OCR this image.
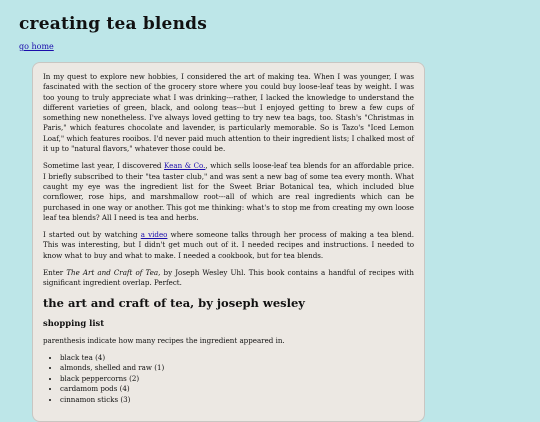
creating tea blends
go home

In my quest to explore new hobbies, I considered the art of making tea. When I was younger, I was fascinated with the section of the grocery store where you could buy loose-leaf teas by weight. I was too young to truly appreciate what I was drinking---rather, I lacked the knowledge to understand the different varieties of green, black, and oolong teas---but I enjoyed getting to brew a few cups of something new nonetheless. I've always loved getting to try new tea bags, too. Stash's "Christmas in Paris," which features chocolate and lavender, is particularly memorable. So is Tazo's "Iced Lemon Loaf," which features rooibos. I'd never paid much attention to their ingredient lists; I chalked most of it up to "natural flavors," whatever those could be.

Sometime last year, I discovered Kean & Co., which sells loose-leaf tea blends for an affordable price. I briefly subscribed to their "tea taster club," and was sent a new bag of some tea every month. What caught my eye was the ingredient list for the Sweet Briar Botanical tea, which included blue cornflower, rose hips, and marshmallow root---all of which are real ingredients which can be purchased in one way or another. This got me thinking: what's to stop me from creating my own loose leaf tea blends? All I need is tea and herbs.

I started out by watching a video where someone talks through her process of making a tea blend. This was interesting, but I didn't get much out of it. I needed recipes and instructions. I needed to know what to buy and what to make. I needed a cookbook, but for tea blends.

Enter The Art and Craft of Tea, by Joseph Wesley Uhl. This book contains a handful of recipes with significant ingredient overlap. Perfect.

the art and craft of tea, by joseph wesley
shopping list

parenthesis indicate how many recipes the ingredient appeared in.

• black tea (4)
• almonds, shelled and raw (1)
• black peppercorns (2)
• cardamom pods (4)
• cinnamon sticks (3)
